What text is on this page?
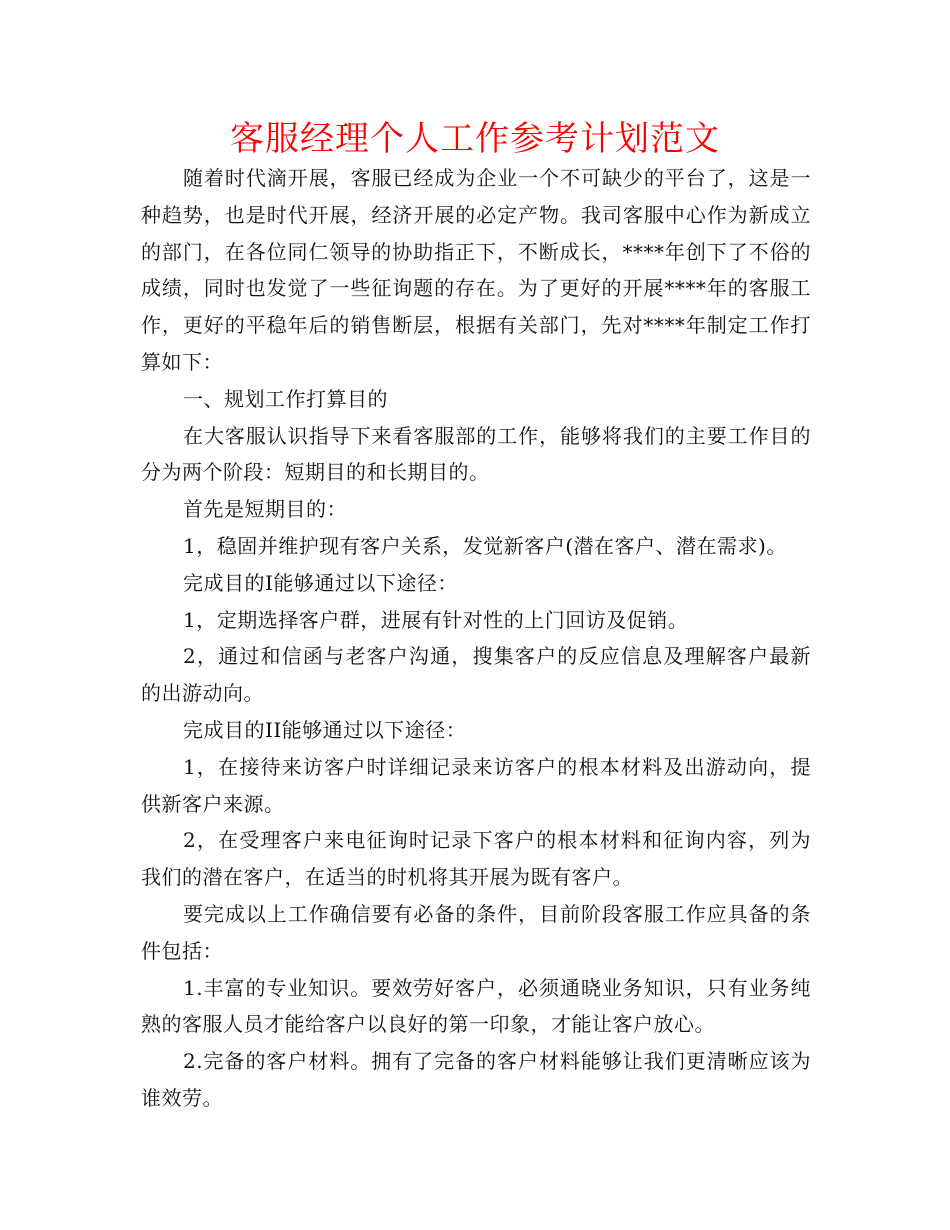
客服经理个人工作参考计划范文

随着时代滴开展，客服已经成为企业一个不可缺少的平台了，这是一种趋势，也是时代开展，经济开展的必定产物。我司客服中心作为新成立的部门，在各位同仁领导的协助指正下，不断成长，****年创下了不俗的成绩，同时也发觉了一些征询题的存在。为了更好的开展****年的客服工作，更好的平稳年后的销售断层，根据有关部门，先对****年制定工作打算如下：

一、规划工作打算目的

在大客服认识指导下来看客服部的工作，能够将我们的主要工作目的分为两个阶段：短期目的和长期目的。

首先是短期目的：

1，稳固并维护现有客户关系，发觉新客户(潜在客户、潜在需求)。

完成目的I能够通过以下途径：

1，定期选择客户群，进展有针对性的上门回访及促销。

2，通过和信函与老客户沟通，搜集客户的反应信息及理解客户最新的出游动向。

完成目的II能够通过以下途径：

1，在接待来访客户时详细记录来访客户的根本材料及出游动向，提供新客户来源。

2，在受理客户来电征询时记录下客户的根本材料和征询内容，列为我们的潜在客户，在适当的时机将其开展为既有客户。

要完成以上工作确信要有必备的条件，目前阶段客服工作应具备的条件包括：

1.丰富的专业知识。要效劳好客户，必须通晓业务知识，只有业务纯熟的客服人员才能给客户以良好的第一印象，才能让客户放心。

2.完备的客户材料。拥有了完备的客户材料能够让我们更清晰应该为谁效劳。
